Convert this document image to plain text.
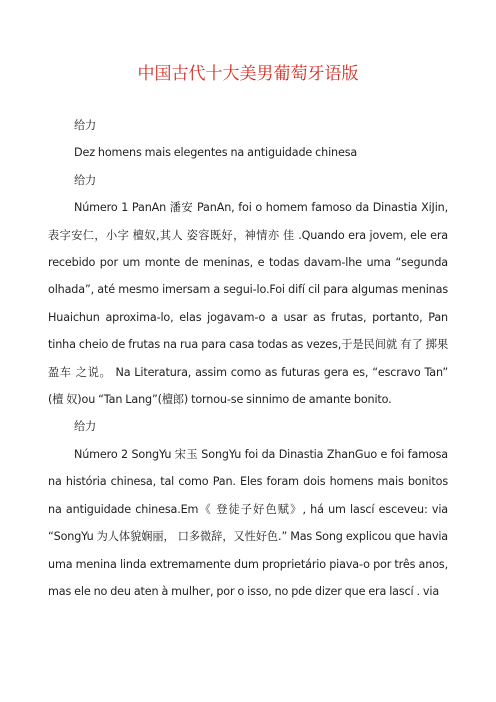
中国古代十大美男葡萄牙语版

给力

Dez homens mais elegentes na antiguidade chinesa

给力

Número 1 PanAn 潘安 PanAn, foi o homem famoso da Dinastia XiJin, 表字安仁，小字 檀奴,其人 姿容既好，神情亦 佳 .Quando era jovem, ele era recebido por um monte de meninas, e todas davam-lhe uma “segunda olhada”, até mesmo imersam a segui-lo.Foi difí cil para algumas meninas Huaichun aproxima-lo, elas jogavam-o a usar as frutas, portanto, Pan tinha cheio de frutas na rua para casa todas as vezes,于是民间就 有了 掷果盈车 之说。 Na Literatura, assim como as futuras gera es, “escravo Tan” (檀 奴)ou “Tan Lang”(檀郎) tornou-se sinnimo de amante bonito.

给力

Número 2 SongYu 宋玉 SongYu foi da Dinastia ZhanGuo e foi famosa na história chinesa, tal como Pan. Eles foram dois homens mais bonitos na antiguidade chinesa.Em《 登徒子好色赋》, há um lascí esceveu: via “SongYu 为人体貌娴丽， 口多微辞，又性好色.” Mas Song explicou que havia uma menina linda extremamente dum proprietário piava-o por três anos, mas ele no deu aten à mulher, por o isso, no pde dizer que era lascí . via
